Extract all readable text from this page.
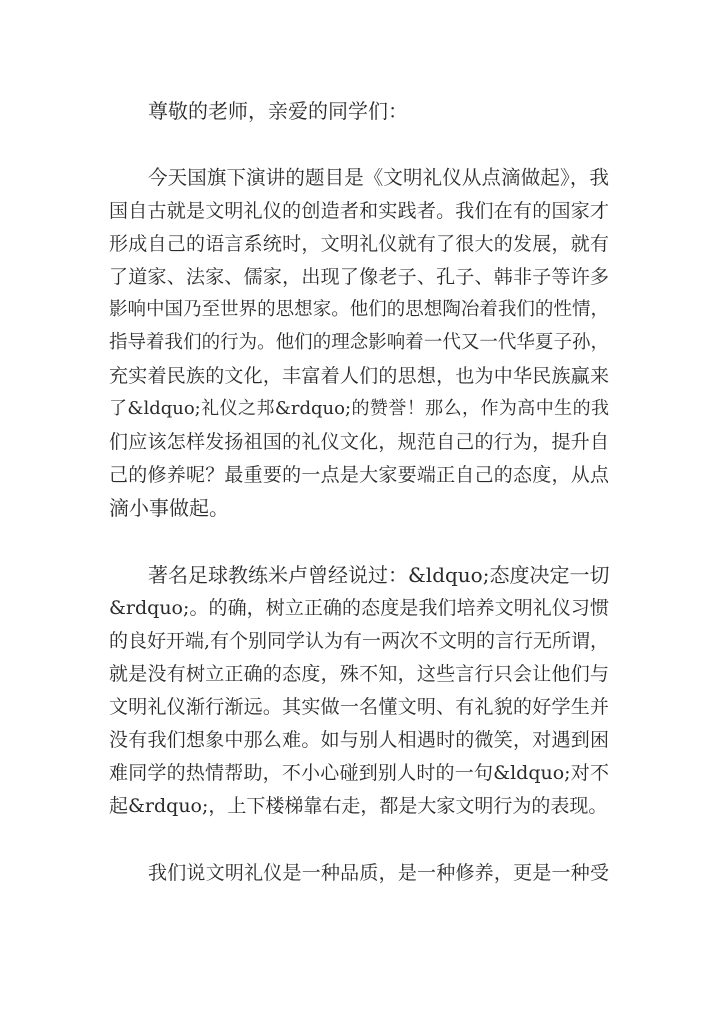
尊敬的老师，亲爱的同学们：
今天国旗下演讲的题目是《文明礼仪从点滴做起》，我
国自古就是文明礼仪的创造者和实践者。我们在有的国家才
形成自己的语言系统时，文明礼仪就有了很大的发展，就有
了道家、法家、儒家，出现了像老子、孔子、韩非子等许多
影响中国乃至世界的思想家。他们的思想陶冶着我们的性情，
指导着我们的行为。他们的理念影响着一代又一代华夏子孙，
充实着民族的文化，丰富着人们的思想，也为中华民族赢来
了&ldquo;礼仪之邦&rdquo;的赞誉！那么，作为高中生的我
们应该怎样发扬祖国的礼仪文化，规范自己的行为，提升自
己的修养呢？最重要的一点是大家要端正自己的态度，从点
滴小事做起。
著名足球教练米卢曾经说过：&ldquo;态度决定一切
&rdquo;。的确，树立正确的态度是我们培养文明礼仪习惯
的良好开端,有个别同学认为有一两次不文明的言行无所谓，
就是没有树立正确的态度，殊不知，这些言行只会让他们与
文明礼仪渐行渐远。其实做一名懂文明、有礼貌的好学生并
没有我们想象中那么难。如与别人相遇时的微笑，对遇到困
难同学的热情帮助，不小心碰到别人时的一句&ldquo;对不
起&rdquo;，上下楼梯靠右走，都是大家文明行为的表现。
我们说文明礼仪是一种品质，是一种修养，更是一种受
